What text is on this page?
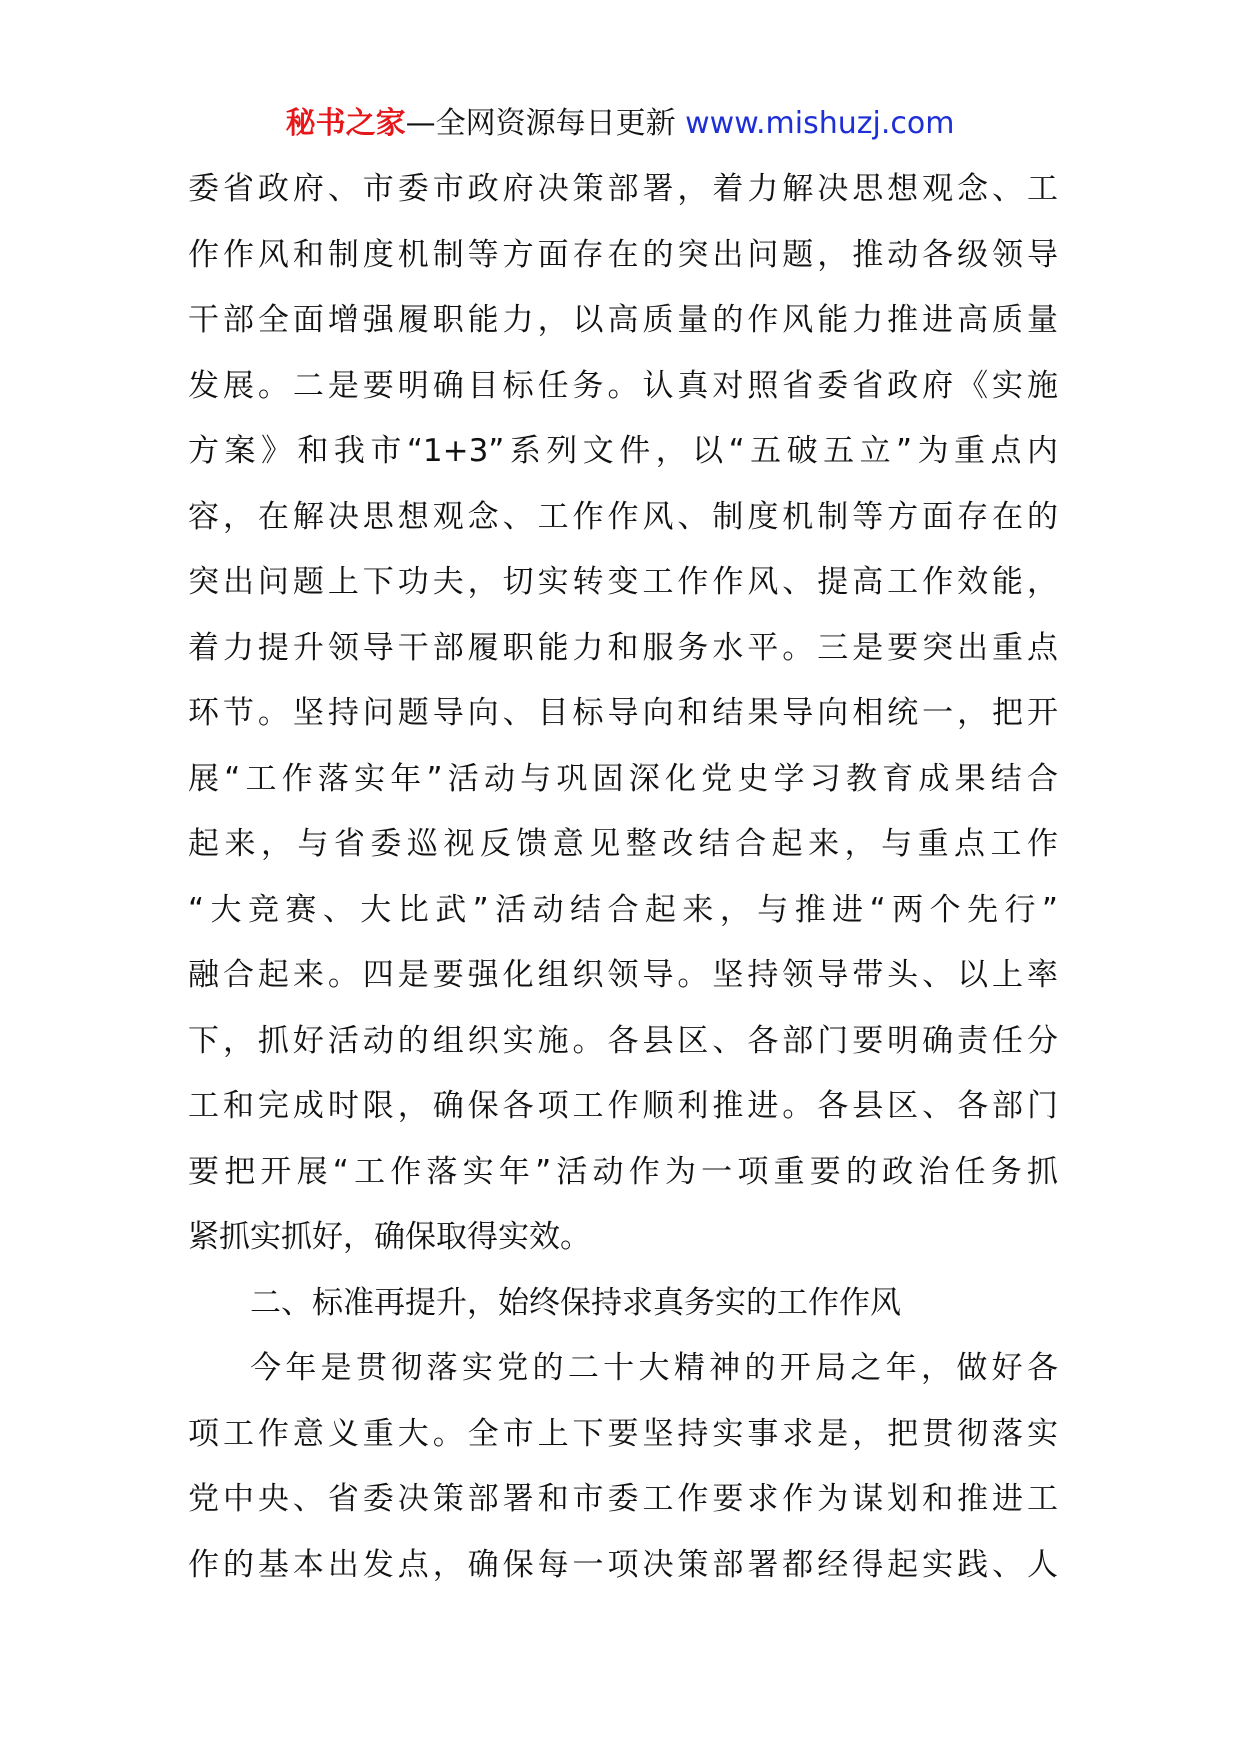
秘书之家—全网资源每日更新 www.mishuzj.com
委省政府、市委市政府决策部署，着力解决思想观念、工
作作风和制度机制等方面存在的突出问题，推动各级领导
干部全面增强履职能力，以高质量的作风能力推进高质量
发展。二是要明确目标任务。认真对照省委省政府《实施
方案》和我市“1+3”系列文件，以“五破五立”为重点内
容，在解决思想观念、工作作风、制度机制等方面存在的
突出问题上下功夫，切实转变工作作风、提高工作效能，
着力提升领导干部履职能力和服务水平。三是要突出重点
环节。坚持问题导向、目标导向和结果导向相统一，把开
展“工作落实年”活动与巩固深化党史学习教育成果结合
起来，与省委巡视反馈意见整改结合起来，与重点工作
“大竞赛、大比武”活动结合起来，与推进“两个先行”
融合起来。四是要强化组织领导。坚持领导带头、以上率
下，抓好活动的组织实施。各县区、各部门要明确责任分
工和完成时限，确保各项工作顺利推进。各县区、各部门
要把开展“工作落实年”活动作为一项重要的政治任务抓
紧抓实抓好，确保取得实效。
二、标准再提升，始终保持求真务实的工作作风
今年是贯彻落实党的二十大精神的开局之年，做好各
项工作意义重大。全市上下要坚持实事求是，把贯彻落实
党中央、省委决策部署和市委工作要求作为谋划和推进工
作的基本出发点，确保每一项决策部署都经得起实践、人
